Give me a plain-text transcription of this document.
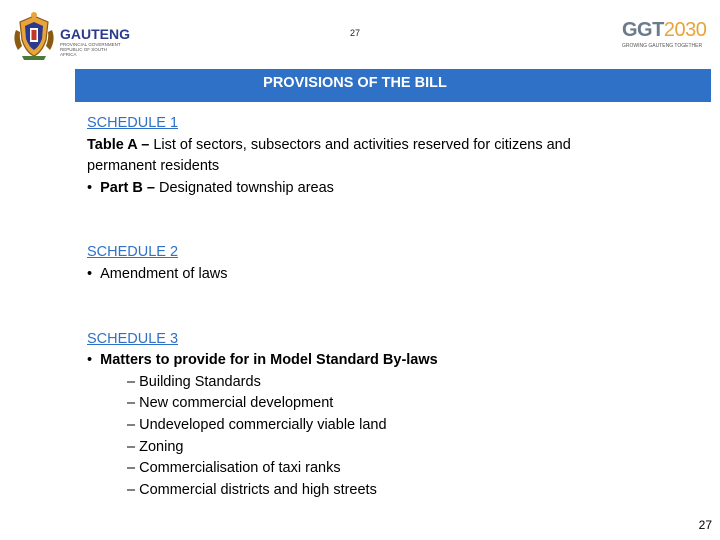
GAUTENG
PROVINCIAL GOVERNMENT REPUBLIC OF SOUTH AFRICA
27	GGT2030
GROWING GAUTENG TOGETHER
PROVISIONS OF THE BILL
SCHEDULE 1
Table A – List of sectors, subsectors and activities reserved for citizens and
permanent residents
• Part B – Designated township areas
SCHEDULE 2
• Amendment of laws
SCHEDULE 3
• Matters to provide for in Model Standard By-laws
– Building Standards
– New commercial development
– Undeveloped commercially viable land
– Zoning
– Commercialisation of taxi ranks
– Commercial districts and high streets
27
